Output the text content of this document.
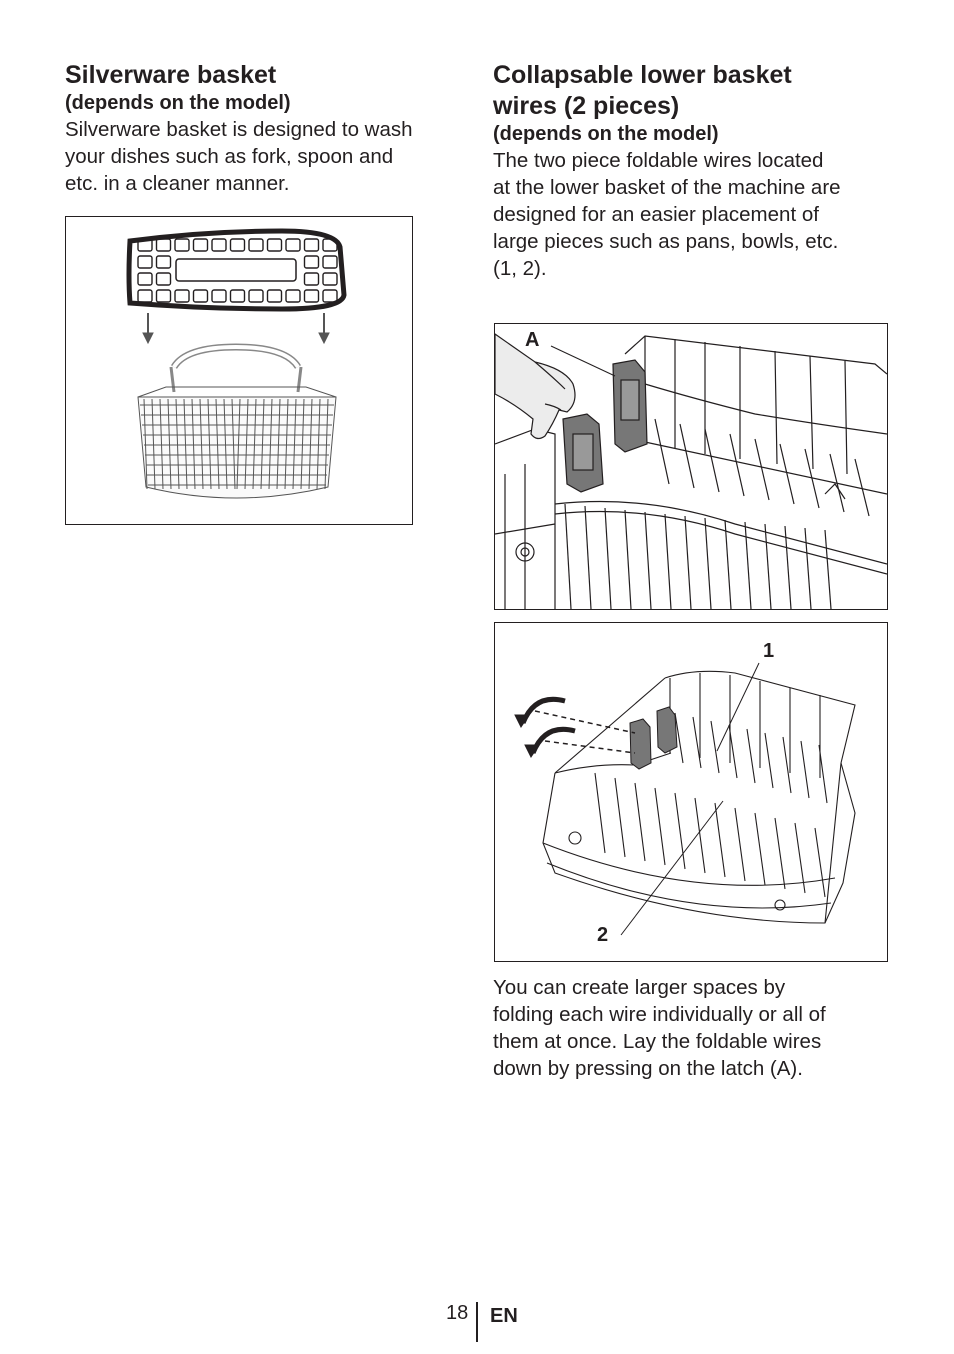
Silverware basket

(depends on the model)

Silverware basket is designed to wash

your dishes such as fork, spoon and

etc. in a cleaner manner.

Collapsable lower basket

wires (2 pieces)

(depends on the model)

The two piece foldable wires located

at the lower basket of the machine are

designed for an easier placement of

large pieces such as pans, bowls, etc.

(1, 2).

A
1
2

You can create larger spaces by

folding each wire individually or all of

them at once. Lay the foldable wires

down by pressing on the latch (A).

18 EN
